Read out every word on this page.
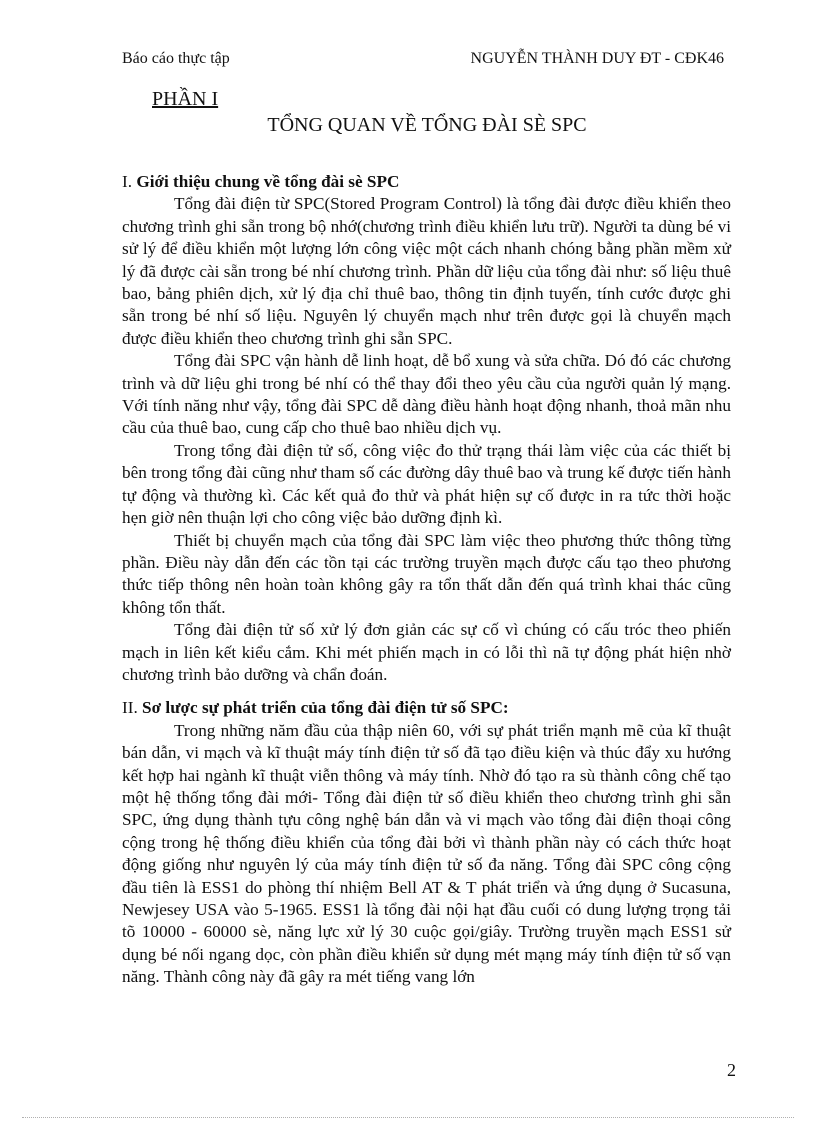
Báo cáo thực tập	NGUYỄN THÀNH DUY ĐT - CĐK46
PHẦN I
TỔNG QUAN VỀ TỔNG ĐÀI SÈ SPC

I. Giới thiệu chung về tổng đài sè SPC

Tổng đài điện từ SPC(Stored Program Control) là tổng đài được điều khiển theo chương trình ghi sẵn trong bộ nhớ(chương trình điều khiển lưu trữ). Người ta dùng bé vi sử lý để điều khiển một lượng lớn công việc một cách nhanh chóng bằng phần mềm xử lý đã được cài sẵn trong bé nhí chương trình. Phần dữ liệu của tổng đài như: số liệu thuê bao, bảng phiên dịch, xử lý địa chỉ thuê bao, thông tin định tuyến, tính cước được ghi sẵn trong bé nhí số liệu. Nguyên lý chuyển mạch như trên được gọi là chuyển mạch được điều khiển theo chương trình ghi sẵn SPC.

Tổng đài SPC vận hành dễ linh hoạt, dễ bổ xung và sửa chữa. Dó đó các chương trình và dữ liệu ghi trong bé nhí có thể thay đổi theo yêu cầu của người quản lý mạng. Với tính năng như vậy, tổng đài SPC dễ dàng điều hành hoạt động nhanh, thoả mãn nhu cầu của thuê bao, cung cấp cho thuê bao nhiều dịch vụ.

Trong tổng đài điện tử số, công việc đo thử trạng thái làm việc của các thiết bị bên trong tổng đài cũng như tham số các đường dây thuê bao và trung kế được tiến hành tự động và thường kì. Các kết quả đo thử và phát hiện sự cố được in ra tức thời hoặc hẹn giờ nên thuận lợi cho công việc bảo dưỡng định kì.

Thiết bị chuyển mạch của tổng đài SPC làm việc theo phương thức thông từng phần. Điều này dẫn đến các tồn tại các trường truyền mạch được cấu tạo theo phương thức tiếp thông nên hoàn toàn không gây ra tổn thất dẫn đến quá trình khai thác cũng không tổn thất.

Tổng đài điện tử số xử lý đơn giản các sự cố vì chúng có cấu tróc theo phiến mạch in liên kết kiểu cắm. Khi mét phiến mạch in có lỗi thì nã tự động phát hiện nhờ chương trình bảo dưỡng và chẩn đoán.

II. Sơ lược sự phát triển của tổng đài điện tử số SPC:

Trong những năm đầu của thập niên 60, với sự phát triển mạnh mẽ của kĩ thuật bán dẫn, vi mạch và kĩ thuật máy tính điện tử số đã tạo điều kiện và thúc đẩy xu hướng kết hợp hai ngành kĩ thuật viễn thông và máy tính. Nhờ đó tạo ra sù thành công chế tạo một hệ thống tổng đài mới- Tổng đài điện tử số điều khiển theo chương trình ghi sẵn SPC, ứng dụng thành tựu công nghệ bán dẫn và vi mạch vào tổng đài điện thoại công cộng trong hệ thống điều khiển của tổng đài bởi vì thành phần này có cách thức hoạt động giống như nguyên lý của máy tính điện tử số đa năng. Tổng đài SPC công cộng đầu tiên là ESS1 do phòng thí nhiệm Bell AT & T phát triển và ứng dụng ở Sucasuna, Newjesey USA vào 5-1965. ESS1 là tổng đài nội hạt đầu cuối có dung lượng trọng tải tõ 10000 - 60000 sè, năng lực xử lý 30 cuộc gọi/giây. Trường truyền mạch ESS1 sử dụng bé nối ngang dọc, còn phần điều khiển sử dụng mét mạng máy tính điện tử số vạn năng. Thành công này đã gây ra mét tiếng vang lớn

2
